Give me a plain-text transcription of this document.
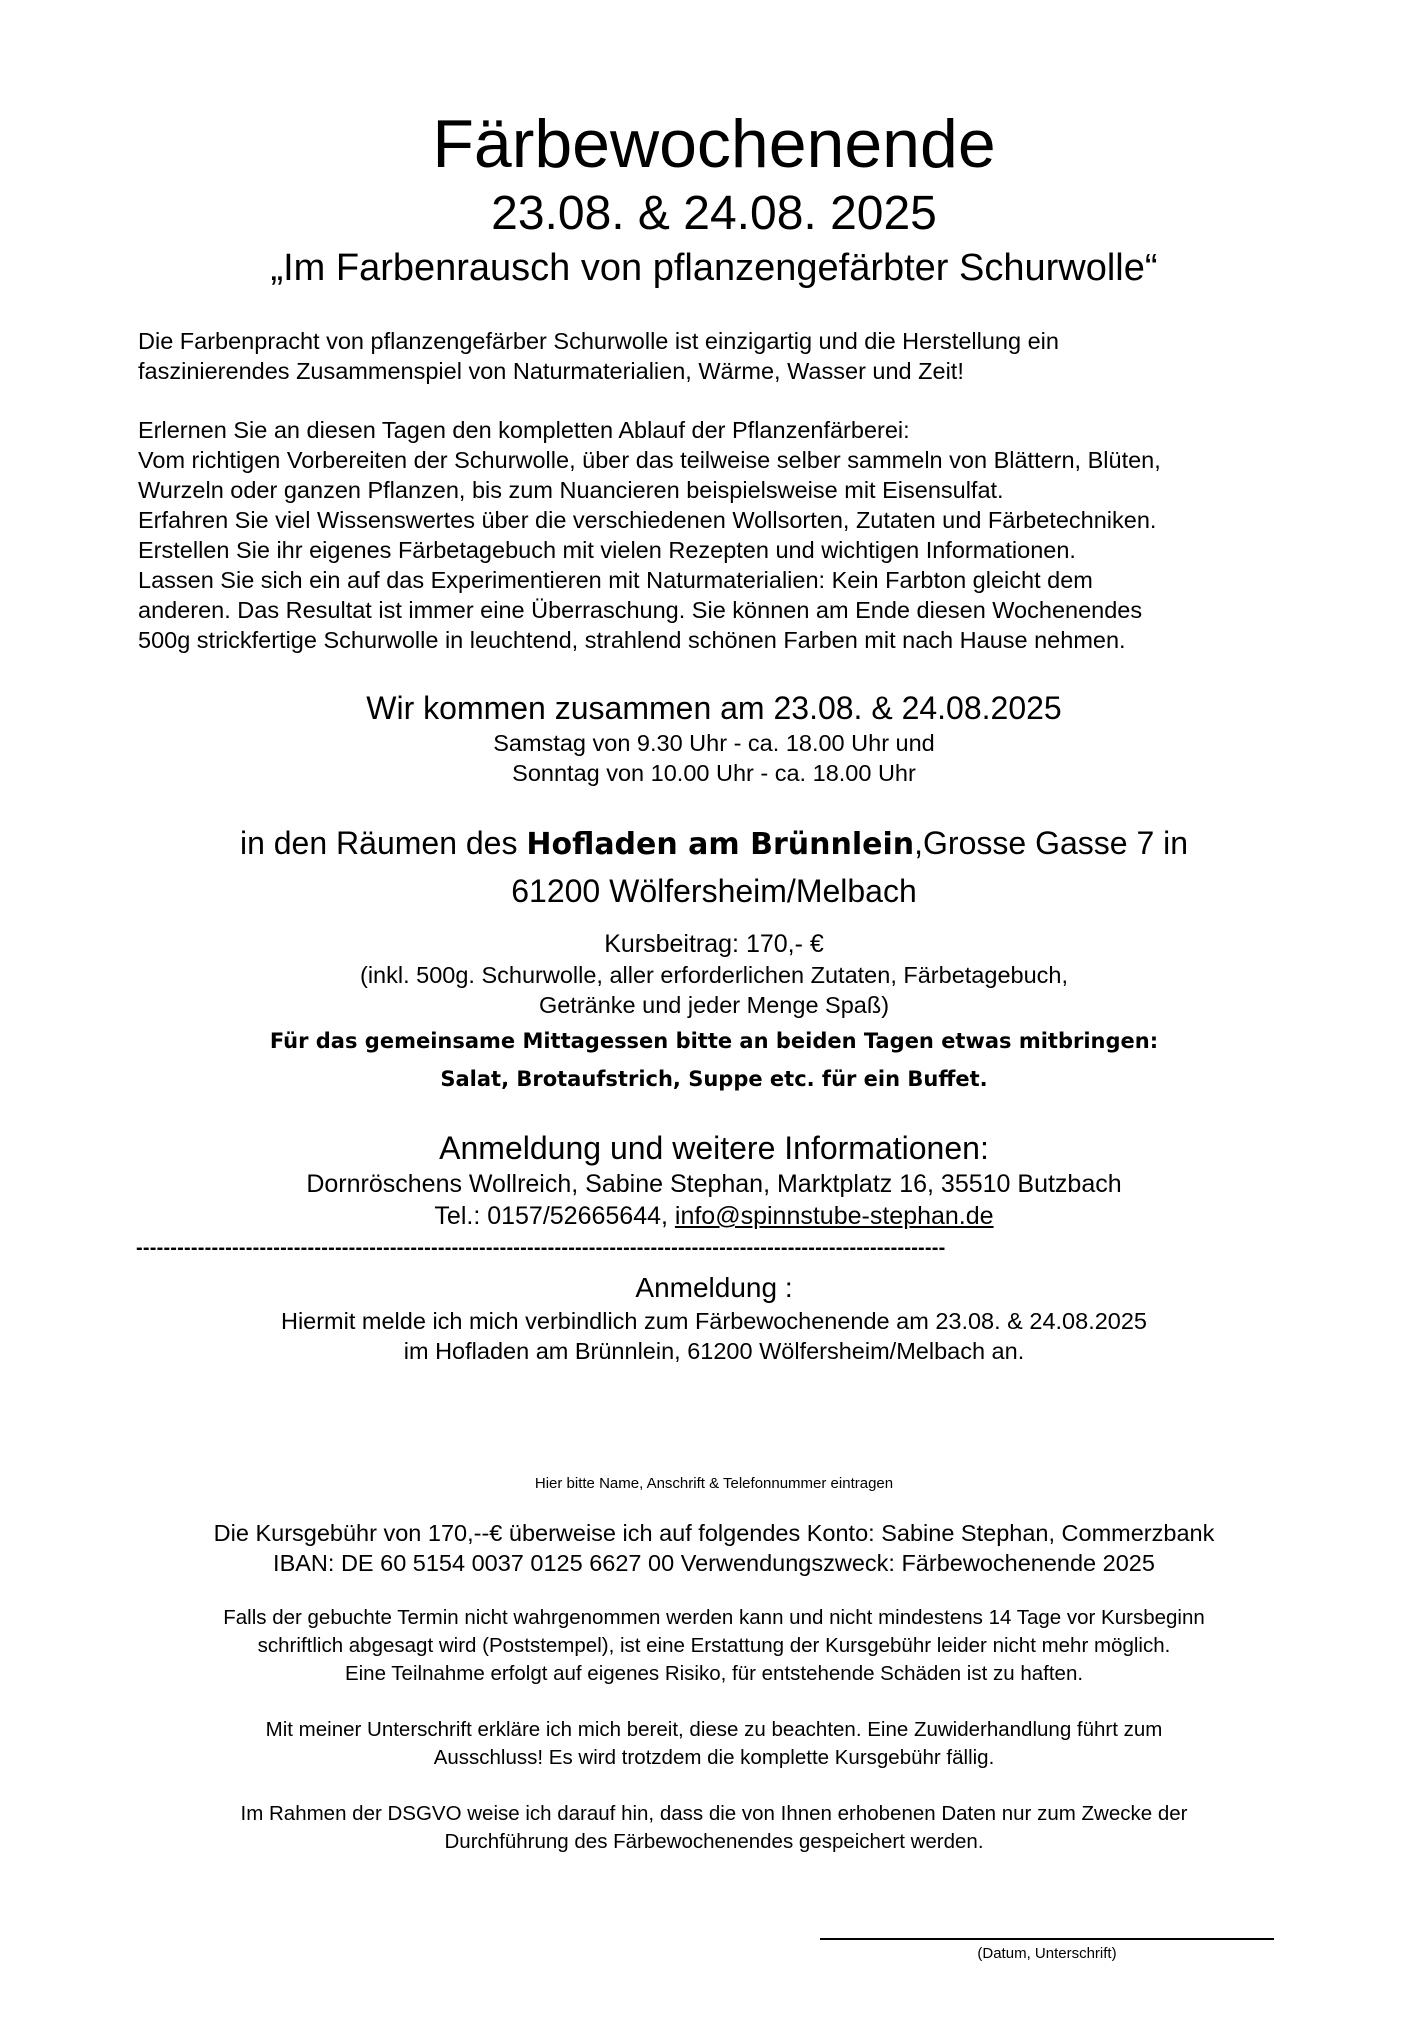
Färbewochenende
23.08. & 24.08. 2025
„Im Farbenrausch von pflanzengefärbter Schurwolle“
Die Farbenpracht von pflanzengefärber Schurwolle ist einzigartig und die Herstellung ein
faszinierendes Zusammenspiel von Naturmaterialien, Wärme, Wasser und Zeit!
Erlernen Sie an diesen Tagen den kompletten Ablauf der Pflanzenfärberei:
Vom richtigen Vorbereiten der Schurwolle, über das teilweise selber sammeln von Blättern, Blüten,
Wurzeln oder ganzen Pflanzen, bis zum Nuancieren beispielsweise mit Eisensulfat.
Erfahren Sie viel Wissenswertes über die verschiedenen Wollsorten, Zutaten und Färbetechniken.
Erstellen Sie ihr eigenes Färbetagebuch mit vielen Rezepten und wichtigen Informationen.
Lassen Sie sich ein auf das Experimentieren mit Naturmaterialien: Kein Farbton gleicht dem
anderen. Das Resultat ist immer eine Überraschung. Sie können am Ende diesen Wochenendes
500g strickfertige Schurwolle in leuchtend, strahlend schönen Farben mit nach Hause nehmen.
Wir kommen zusammen am 23.08. & 24.08.2025
Samstag von 9.30 Uhr - ca. 18.00 Uhr und
Sonntag von 10.00 Uhr - ca. 18.00 Uhr
in den Räumen des Hofladen am Brünnlein,Grosse Gasse 7 in
61200 Wölfersheim/Melbach
Kursbeitrag: 170,- €
(inkl. 500g. Schurwolle, aller erforderlichen Zutaten, Färbetagebuch,
Getränke und jeder Menge Spaß)
Für das gemeinsame Mittagessen bitte an beiden Tagen etwas mitbringen:
Salat, Brotaufstrich, Suppe etc. für ein Buffet.
Anmeldung und weitere Informationen:
Dornröschens Wollreich, Sabine Stephan, Marktplatz 16, 35510 Butzbach
Tel.: 0157/52665644, info@spinnstube-stephan.de
----------------------------------------------------------------------------------------------------------------------
Anmeldung :
Hiermit melde ich mich verbindlich zum Färbewochenende am 23.08. & 24.08.2025
im Hofladen am Brünnlein, 61200 Wölfersheim/Melbach an.
Hier bitte Name, Anschrift & Telefonnummer eintragen
Die Kursgebühr von 170,--€ überweise ich auf folgendes Konto: Sabine Stephan, Commerzbank
IBAN: DE 60 5154 0037 0125 6627 00 Verwendungszweck: Färbewochenende 2025
Falls der gebuchte Termin nicht wahrgenommen werden kann und nicht mindestens 14 Tage vor Kursbeginn
schriftlich abgesagt wird (Poststempel), ist eine Erstattung der Kursgebühr leider nicht mehr möglich.
Eine Teilnahme erfolgt auf eigenes Risiko, für entstehende Schäden ist zu haften.
Mit meiner Unterschrift erkläre ich mich bereit, diese zu beachten. Eine Zuwiderhandlung führt zum
Ausschluss! Es wird trotzdem die komplette Kursgebühr fällig.
Im Rahmen der DSGVO weise ich darauf hin, dass die von Ihnen erhobenen Daten nur zum Zwecke der
Durchführung des Färbewochenendes gespeichert werden.
(Datum, Unterschrift)
